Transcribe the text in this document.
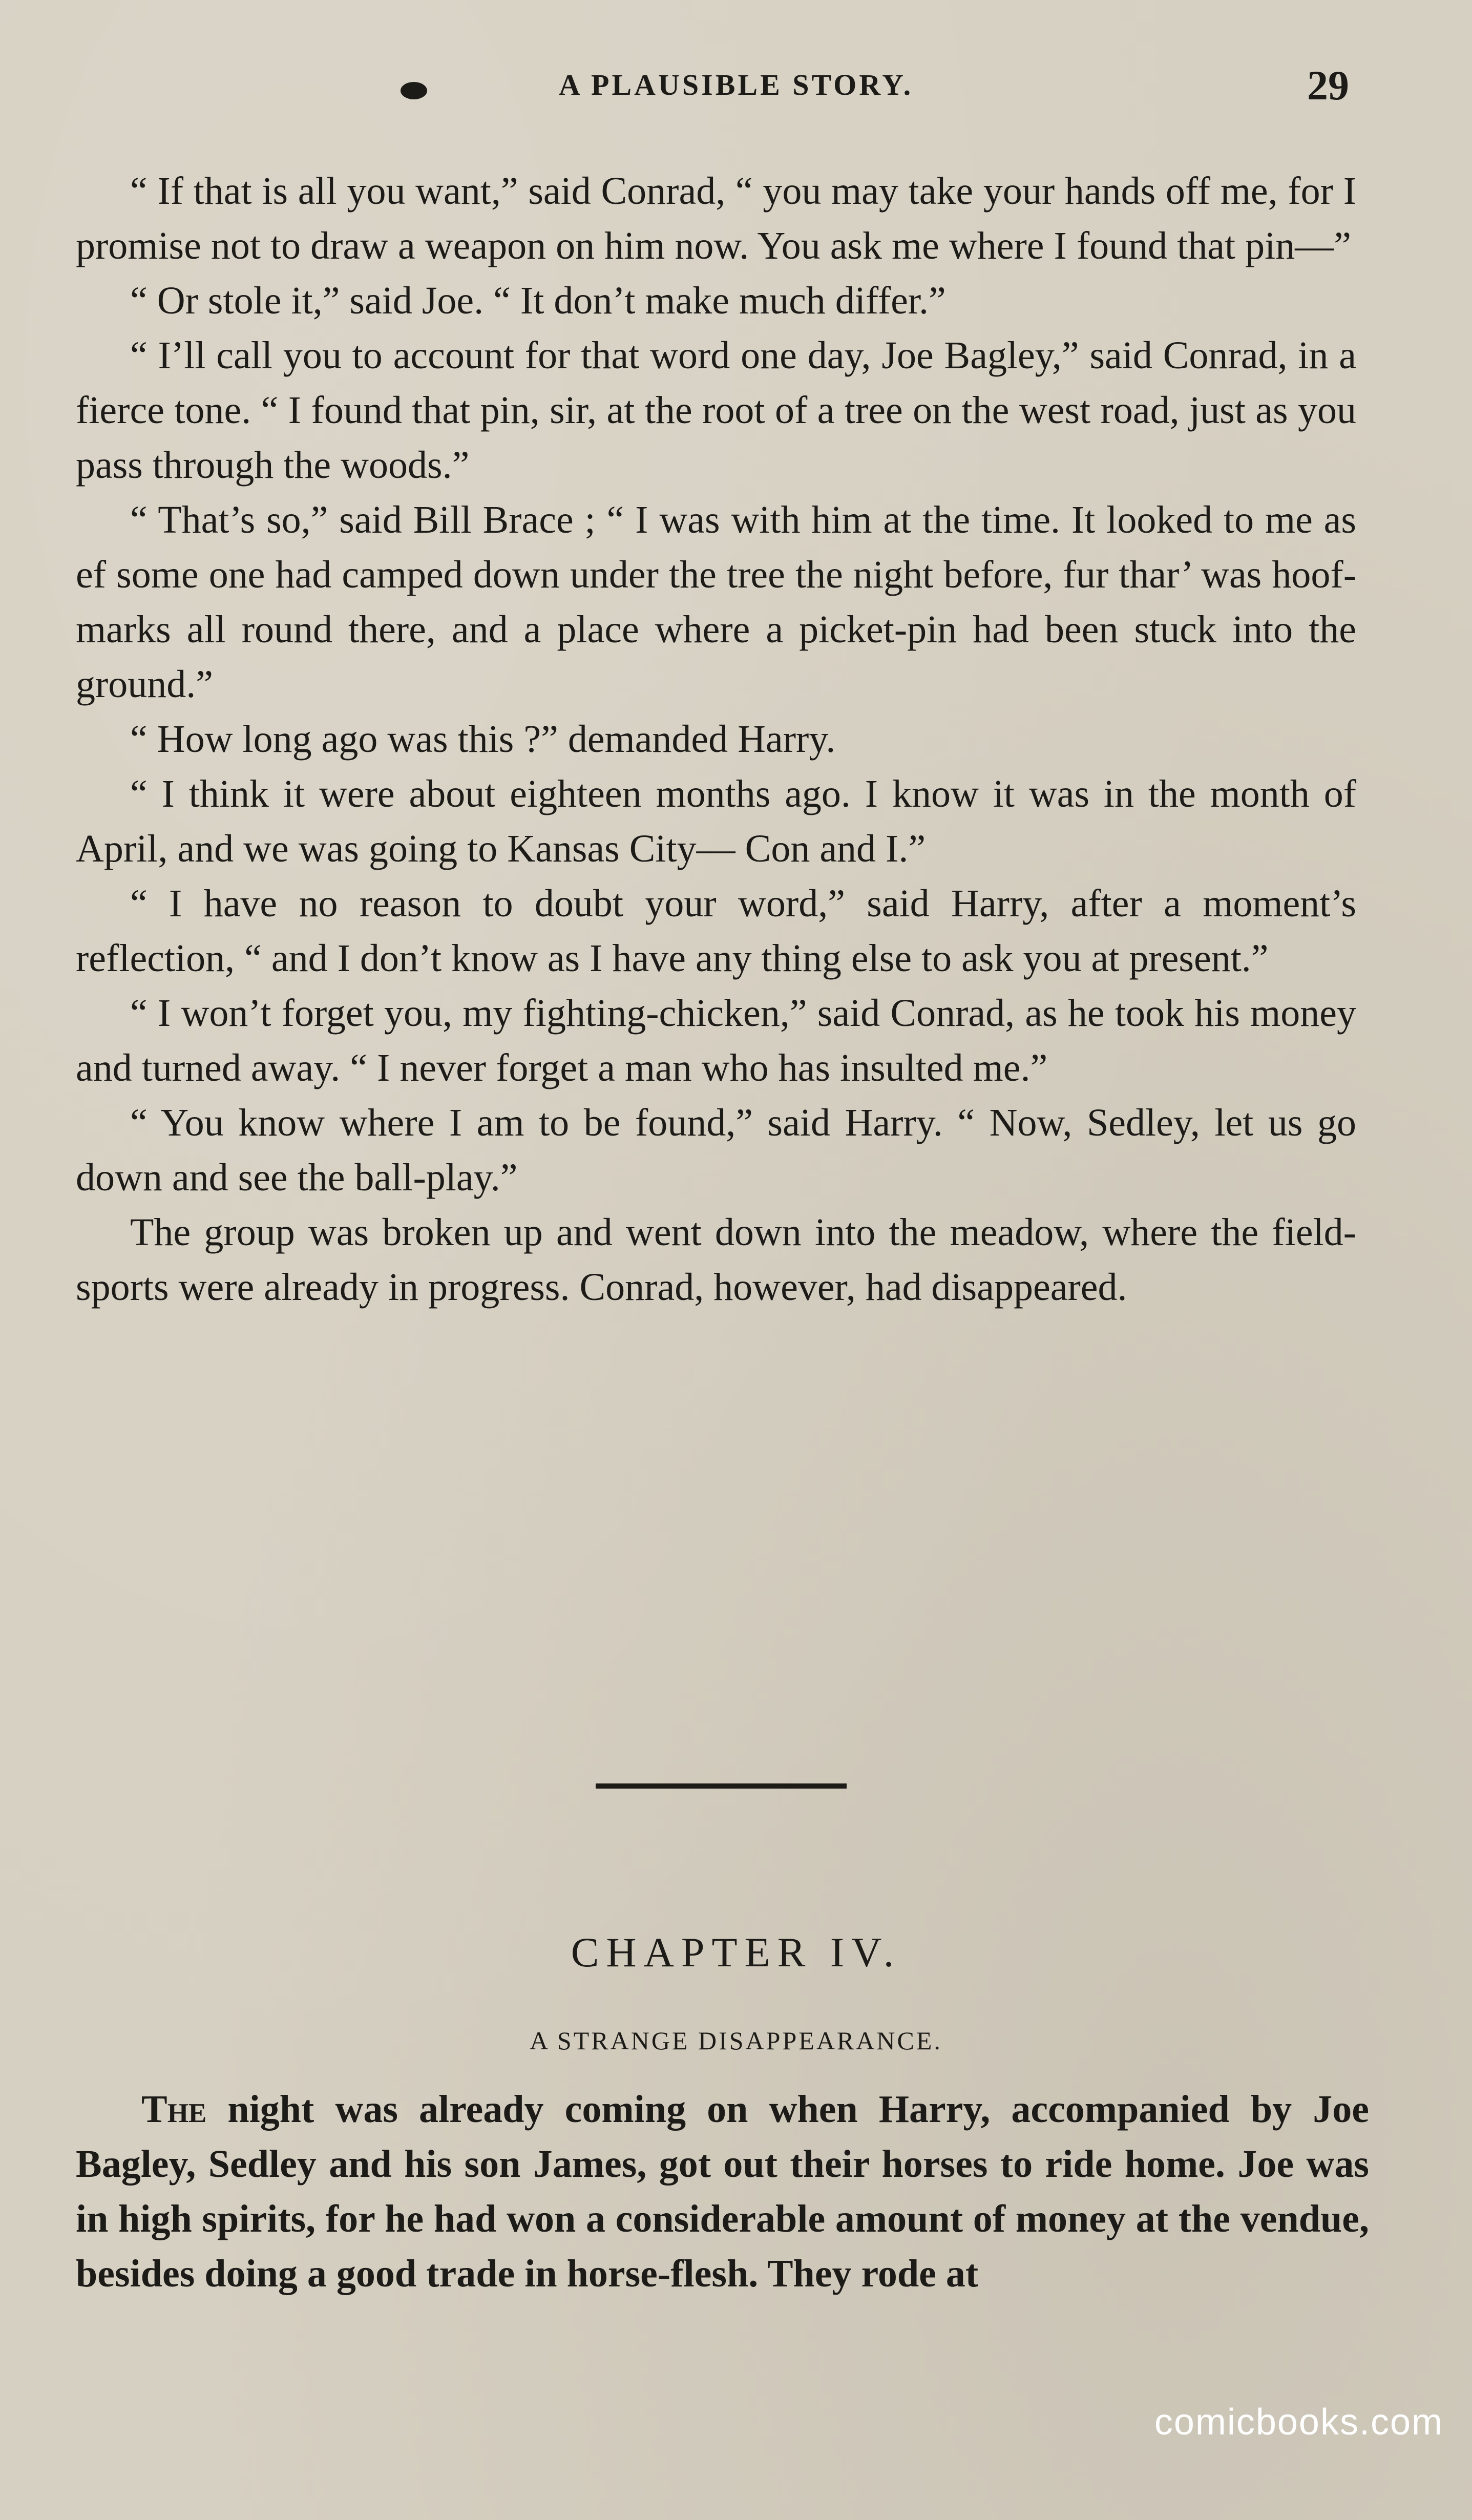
A PLAUSIBLE STORY.	29

“ If that is all you want,” said Conrad, “ you may take your hands off me, for I promise not to draw a weapon on him now. You ask me where I found that pin—”

“ Or stole it,” said Joe. “ It don’t make much differ.”

“ I’ll call you to account for that word one day, Joe Bagley,” said Conrad, in a fierce tone. “ I found that pin, sir, at the root of a tree on the west road, just as you pass through the woods.”

“ That’s so,” said Bill Brace ; “ I was with him at the time. It looked to me as ef some one had camped down under the tree the night before, fur thar’ was hoof-marks all round there, and a place where a picket-pin had been stuck into the ground.”

“ How long ago was this ?” demanded Harry.

“ I think it were about eighteen months ago. I know it was in the month of April, and we was going to Kansas City— Con and I.”

“ I have no reason to doubt your word,” said Harry, after a moment’s reflection, “ and I don’t know as I have any thing else to ask you at present.”

“ I won’t forget you, my fighting-chicken,” said Conrad, as he took his money and turned away. “ I never forget a man who has insulted me.”

“ You know where I am to be found,” said Harry. “ Now, Sedley, let us go down and see the ball-play.”

The group was broken up and went down into the meadow, where the field-sports were already in progress. Conrad, however, had disappeared.

CHAPTER IV.
A STRANGE DISAPPEARANCE.

The night was already coming on when Harry, accompanied by Joe Bagley, Sedley and his son James, got out their horses to ride home. Joe was in high spirits, for he had won a considerable amount of money at the vendue, besides doing a good trade in horse-flesh. They rode at

comicbooks.com
